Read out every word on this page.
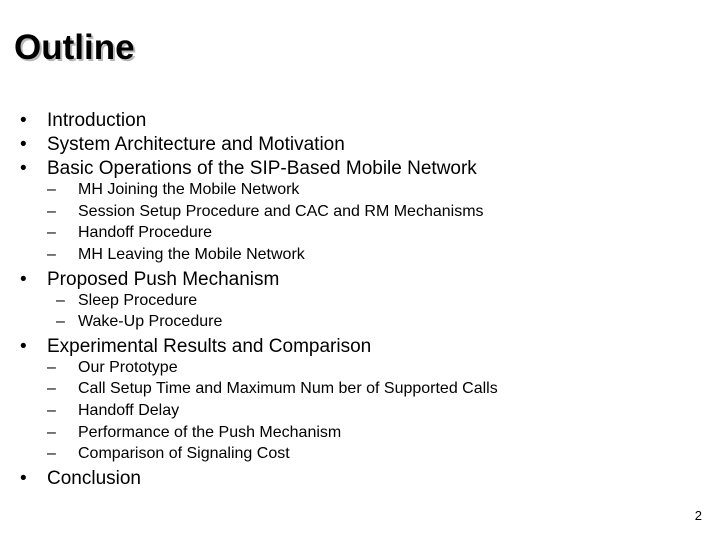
Outline
• Introduction
• System Architecture and Motivation
• Basic Operations of the SIP-Based Mobile Network
– MH Joining the Mobile Network
– Session Setup Procedure and CAC and RM Mechanisms
– Handoff Procedure
– MH Leaving the Mobile Network
• Proposed Push Mechanism
– Sleep Procedure
– Wake-Up Procedure
• Experimental Results and Comparison
– Our Prototype
– Call Setup Time and Maximum Num ber of Supported Calls
– Handoff Delay
– Performance of the Push Mechanism
– Comparison of Signaling Cost
• Conclusion
2
